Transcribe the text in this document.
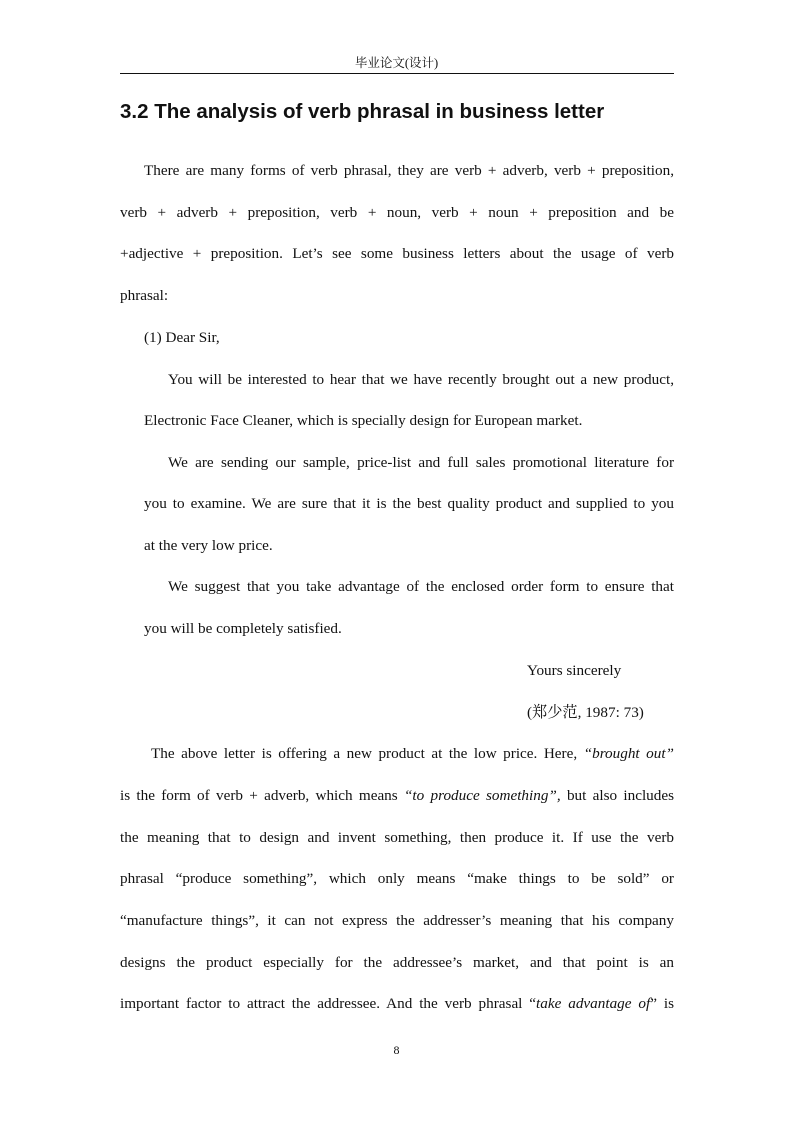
毕业论文(设计)
3.2 The analysis of verb phrasal in business letter
There are many forms of verb phrasal, they are verb + adverb, verb + preposition,
verb + adverb + preposition, verb + noun, verb + noun + preposition and be
+adjective + preposition. Let’s see some business letters about the usage of verb
phrasal:
(1) Dear Sir,
You will be interested to hear that we have recently brought out a new product,
Electronic Face Cleaner, which is specially design for European market.
We are sending our sample, price-list and full sales promotional literature for
you to examine. We are sure that it is the best quality product and supplied to you
at the very low price.
We suggest that you take advantage of the enclosed order form to ensure that
you will be completely satisfied.
Yours sincerely
(郑少范, 1987: 73)
The above letter is offering a new product at the low price. Here, “brought out”
is the form of verb + adverb, which means “to produce something”, but also includes
the meaning that to design and invent something, then produce it. If use the verb
phrasal “produce something”, which only means “make things to be sold” or
“manufacture things”, it can not express the addresser’s meaning that his company
designs the product especially for the addressee’s market, and that point is an
important factor to attract the addressee. And the verb phrasal “take advantage of” is
8
